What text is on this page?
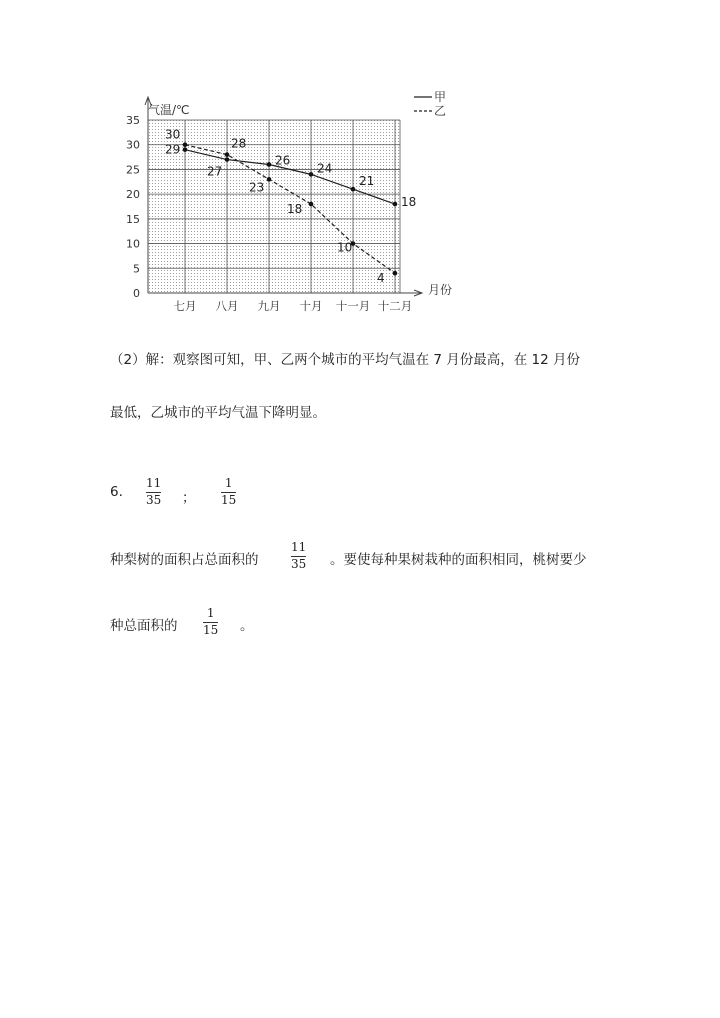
0
5
10
15
20
25
30
35
七月 八月 九月 十月 十一月 十二月
29
27
26
24
21
18
30
28
23
18
10
4
气温/℃
月份
甲
乙
（2）解：观察图可知，甲、乙两个城市的平均气温在 7 月份最高，在 12 月份
最低，乙城市的平均气温下降明显。
6.
11
35 ；
1
15
种梨树的面积占总面积的
11
35 。要使每种果树栽种的面积相同，桃树要少
种总面积的
1
15 。
